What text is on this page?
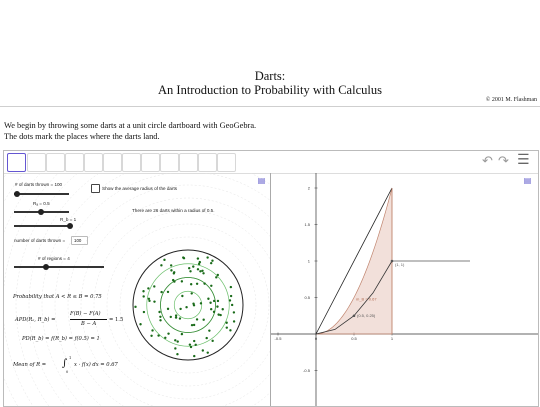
Darts:
An Introduction to Probability with Calculus
© 2001 M. Flashman
We begin by throwing some darts at a unit circle dartboard with GeoGebra.
The dots mark the places where the darts land.
↶ ↷ ☰
▤
# of darts thrown = 100
Show the average radius of the darts
Rₐ = 0.5
R_b = 1
number of darts thrown =	100
# of regions = 4
There are 26 darts within a radius of 0.5.
Probability that A < R ≤ B = 0.75
APD(Rₐ, R_b) =
F(B) − F(A)
B − A
= 1.5
PD(R_b) = f(R_b) = f(0.5) = 1
Mean of R = ∫ 1
0
x · f(x) dx = 0.67
2
1.5
1
0.5
-0.5
-0.5	0	0.5	1
(1, 1)
(0.5, 0.25)
m_B = 0.67
▤
